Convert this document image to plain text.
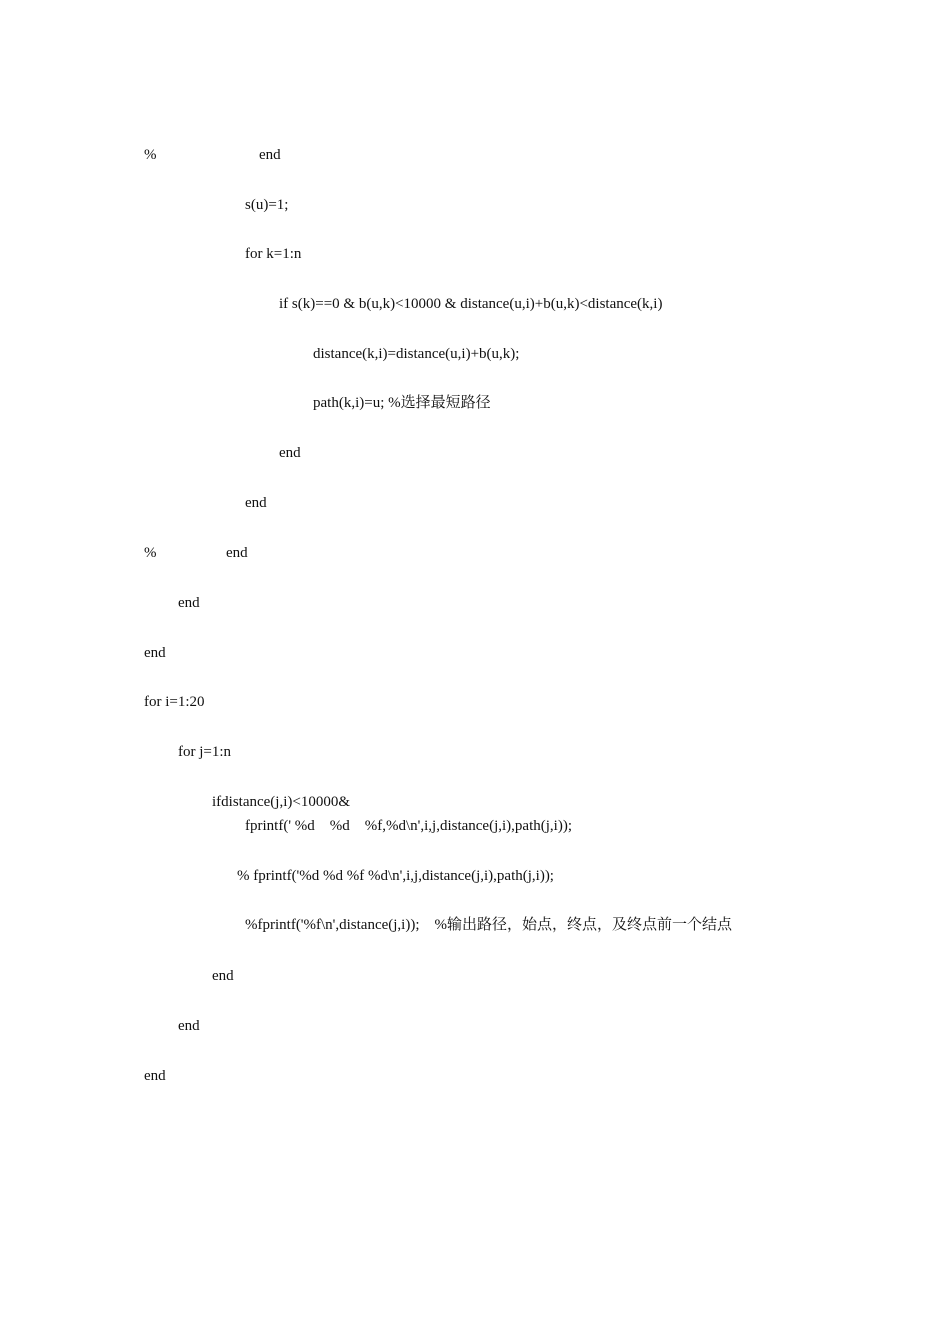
%

	end

s(u)=1;
for k=1:n
if s(k)==0 & b(u,k)<10000 & distance(u,i)+b(u,k)<distance(k,i)
distance(k,i)=distance(u,i)+b(u,k);
path(k,i)=u; %选择最短路径
end
end

%

	end

end
end
for i=1:20
for j=1:n
ifdistance(j,i)<10000&
fprintf(' %d    %d    %f,%d\n',i,j,distance(j,i),path(j,i));
% fprintf('%d %d %f %d\n',i,j,distance(j,i),path(j,i));
%fprintf('%f\n',distance(j,i));    %输出路径，始点，终点，及终点前一个结点
end
end
end
